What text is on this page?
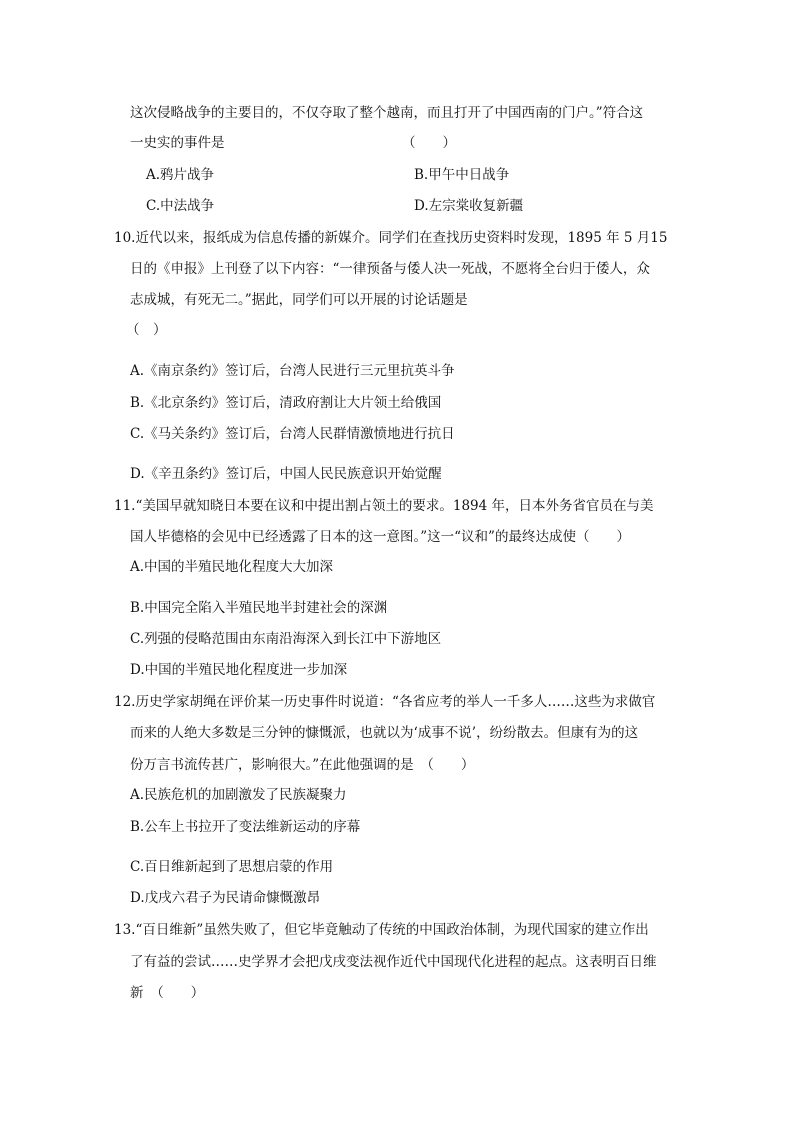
这次侵略战争的主要目的，不仅夺取了整个越南，而且打开了中国西南的门户。”符合这
一史实的事件是	（　　）
A.鸦片战争	B.甲午中日战争
C.中法战争	D.左宗棠收复新疆
10.近代以来，报纸成为信息传播的新媒介。同学们在查找历史资料时发现，1895 年 5 月15
日的《申报》上刊登了以下内容：“一律预备与倭人决一死战，不愿将全台归于倭人，众
志成城，有死无二。”据此，同学们可以开展的讨论话题是
（　）
A.《南京条约》签订后，台湾人民进行三元里抗英斗争
B.《北京条约》签订后，清政府割让大片领土给俄国
C.《马关条约》签订后，台湾人民群情激愤地进行抗日
D.《辛丑条约》签订后，中国人民民族意识开始觉醒
11.“美国早就知晓日本要在议和中提出割占领土的要求。1894 年，日本外务省官员在与美
国人毕德格的会见中已经透露了日本的这一意图。”这一“议和”的最终达成使（　　）
A.中国的半殖民地化程度大大加深
B.中国完全陷入半殖民地半封建社会的深渊
C.列强的侵略范围由东南沿海深入到长江中下游地区
D.中国的半殖民地化程度进一步加深
12.历史学家胡绳在评价某一历史事件时说道：“各省应考的举人一千多人……这些为求做官
而来的人绝大多数是三分钟的慷慨派，也就以为‘成事不说’，纷纷散去。但康有为的这
份万言书流传甚广，影响很大。”在此他强调的是　（　　）
A.民族危机的加剧激发了民族凝聚力
B.公车上书拉开了变法维新运动的序幕
C.百日维新起到了思想启蒙的作用
D.戊戌六君子为民请命慷慨激昂
13.“百日维新”虽然失败了，但它毕竟触动了传统的中国政治体制，为现代国家的建立作出
了有益的尝试……史学界才会把戊戌变法视作近代中国现代化进程的起点。这表明百日维
新　（　　）
